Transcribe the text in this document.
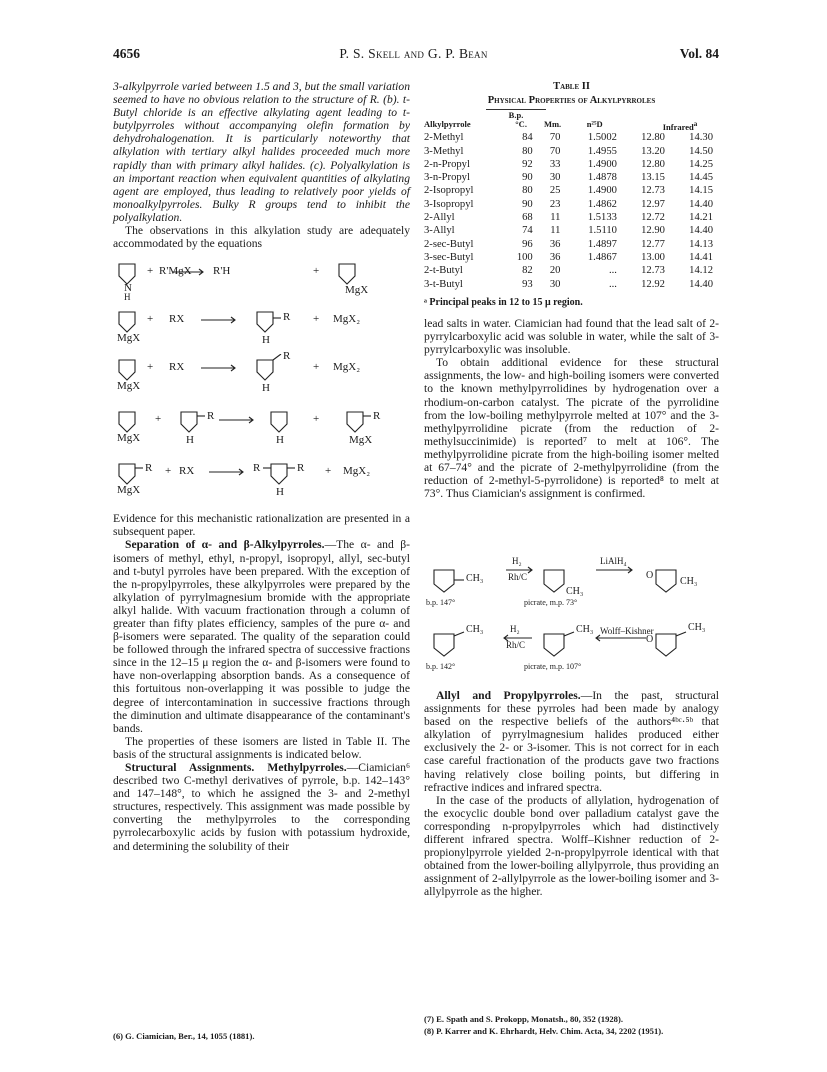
4656	P. S. Skell and G. P. Bean	Vol. 84

3-alkylpyrrole varied between 1.5 and 3, but the small variation seemed to have no obvious relation to the structure of R. (b). t-Butyl chloride is an effective alkylating agent leading to t-butylpyrroles without accompanying olefin formation by dehydrohalogenation. It is particularly noteworthy that alkylation with tertiary alkyl halides proceeded much more rapidly than with primary alkyl halides. (c). Polyalkylation is an important reaction when equivalent quantities of alkylating agent are employed, thus leading to relatively poor yields of monoalkylpyrroles. Bulky R groups tend to inhibit the polyalkylation.

The observations in this alkylation study are adequately accommodated by the equations

N
H
+ R'MgX R'H	+
MgX
MgX
+ RX	R
H
+ MgX₂
MgX
+ RX
R
H
+ MgX₂
MgX
+	R
H	H
+	R
MgX
R
MgX
+ RX	R	R
H
+ MgX₂

Evidence for this mechanistic rationalization are presented in a subsequent paper.

Separation of α- and β-Alkylpyrroles.—The α- and β-isomers of methyl, ethyl, n-propyl, isopropyl, allyl, sec-butyl and t-butyl pyrroles have been prepared. With the exception of the n-propylpyrroles, these alkylpyrroles were prepared by the alkylation of pyrrylmagnesium bromide with the appropriate alkyl halide. With vacuum fractionation through a column of greater than fifty plates efficiency, samples of the pure α- and β-isomers were separated. The quality of the separation could be followed through the infrared spectra of successive fractions since in the 12–15 μ region the α- and β-isomers were found to have non-overlapping absorption bands. As a consequence of this fortuitous non-overlapping it was possible to judge the degree of intercontamination in successive fractions through the diminution and ultimate disappearance of the contaminant's bands.

The properties of these isomers are listed in Table II. The basis of the structural assignments is indicated below.

Structural Assignments. Methylpyrroles.—Ciamician⁶ described two C-methyl derivatives of pyrrole, b.p. 142–143° and 147–148°, to which he assigned the 3- and 2-methyl structures, respectively. This assignment was made possible by converting the methylpyrroles to the corresponding pyrrolecarboxylic acids by fusion with potassium hydroxide, and determining the solubility of their

(6) G. Ciamician, Ber., 14, 1055 (1881).
Table II
Physical Properties of Alkylpyrroles
B.p.
Infrared$^a$
Alkylpyrrole	°C.	Mm.	n²⁵D		
2-Methyl	84	70	1.5002	12.80	14.30
3-Methyl	80	70	1.4955	13.20	14.50
2-n-Propyl	92	33	1.4900	12.80	14.25
3-n-Propyl	90	30	1.4878	13.15	14.45
2-Isopropyl	80	25	1.4900	12.73	14.15
3-Isopropyl	90	23	1.4862	12.97	14.40
2-Allyl	68	11	1.5133	12.72	14.21
3-Allyl	74	11	1.5110	12.90	14.40
2-sec-Butyl	96	36	1.4897	12.77	14.13
3-sec-Butyl	100	36	1.4867	13.00	14.41
2-t-Butyl	82	20	...	12.73	14.12
3-t-Butyl	93	30	...	12.92	14.40
ᵃ Principal peaks in 12 to 15 μ region.

lead salts in water. Ciamician had found that the lead salt of 2-pyrrylcarboxylic acid was soluble in water, while the salt of 3-pyrrylcarboxylic was insoluble.

To obtain additional evidence for these structural assignments, the low- and high-boiling isomers were converted to the known methylpyrrolidines by hydrogenation over a rhodium-on-carbon catalyst. The picrate of the pyrrolidine from the low-boiling methylpyrrole melted at 107° and the 3-methylpyrrolidine picrate (from the reduction of 2-methylsuccinimide) is reported⁷ to melt at 106°. The methylpyrrolidine picrate from the high-boiling isomer melted at 67–74° and the picrate of 2-methylpyrrolidine (from the reduction of 2-methyl-5-pyrrolidone) is reported⁸ to melt at 73°. Thus Ciamician's assignment is confirmed.

CH₃
H₂
Rh/C
LiAlH₄
CH₃
O
CH₃
b.p. 147°	picrate, m.p. 73°
CH₃	H₂
Rh/C
CH₃ Wolff–Kishner
O
CH₃
b.p. 142°	picrate, m.p. 107°

Allyl and Propylpyrroles.—In the past, structural assignments for these pyrroles had been made by analogy based on the respective beliefs of the authors⁴ᵇᶜ·⁵ᵇ that alkylation of pyrrylmagnesium halides produced either exclusively the 2- or 3-isomer. This is not correct for in each case careful fractionation of the products gave two fractions having relatively close boiling points, but differing in refractive indices and infrared spectra.

In the case of the products of allylation, hydrogenation of the exocyclic double bond over palladium catalyst gave the corresponding n-propylpyrroles which had distinctively different infrared spectra. Wolff–Kishner reduction of 2-propionylpyrrole yielded 2-n-propylpyrrole identical with that obtained from the lower-boiling allylpyrrole, thus providing an assignment of 2-allylpyrrole as the lower-boiling isomer and 3-allylpyrrole as the higher.

(7) E. Spath and S. Prokopp, Monatsh., 80, 352 (1928).
(8) P. Karrer and K. Ehrhardt, Helv. Chim. Acta, 34, 2202 (1951).
